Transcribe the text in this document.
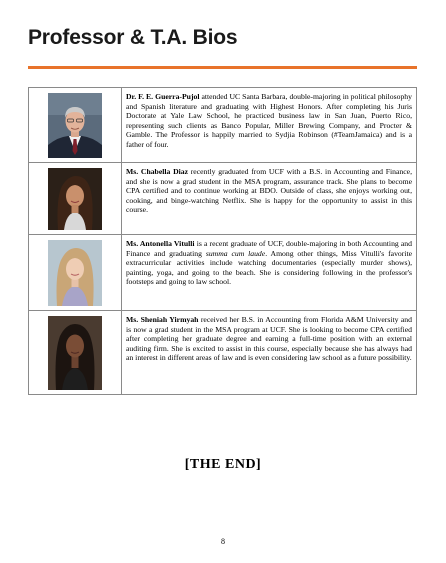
Professor & T.A. Bios
	Dr. F. E. Guerra-Pujol attended UC Santa Barbara, double-majoring in political philosophy and Spanish literature and graduating with Highest Honors. After completing his Juris Doctorate at Yale Law School, he practiced business law in San Juan, Puerto Rico, representing such clients as Banco Popular, Miller Brewing Company, and Procter & Gamble. The Professor is happily married to Sydjia Robinson (#TeamJamaica) and is a father of four.

	Ms. Chabella Diaz recently graduated from UCF with a B.S. in Accounting and Finance, and she is now a grad student in the MSA program, assurance track. She plans to become CPA certified and to continue working at BDO. Outside of class, she enjoys working out, cooking, and binge-watching Netflix. She is happy for the opportunity to assist in this course.

	Ms. Antonella Vitulli is a recent graduate of UCF, double-majoring in both Accounting and Finance and graduating summa cum laude. Among other things, Miss Vitulli's favorite extracurricular activities include watching documentaries (especially murder shows), painting, yoga, and going to the beach. She is considering following in the professor's footsteps and going to law school.

	Ms. Sheniah Yirmyah received her B.S. in Accounting from Florida A&M University and is now a grad student in the MSA program at UCF. She is looking to become CPA certified after completing her graduate degree and earning a full-time position with an external auditing firm. She is excited to assist in this course, especially because she has always had an interest in different areas of law and is even considering law school as a future possibility.
[THE END]
8
